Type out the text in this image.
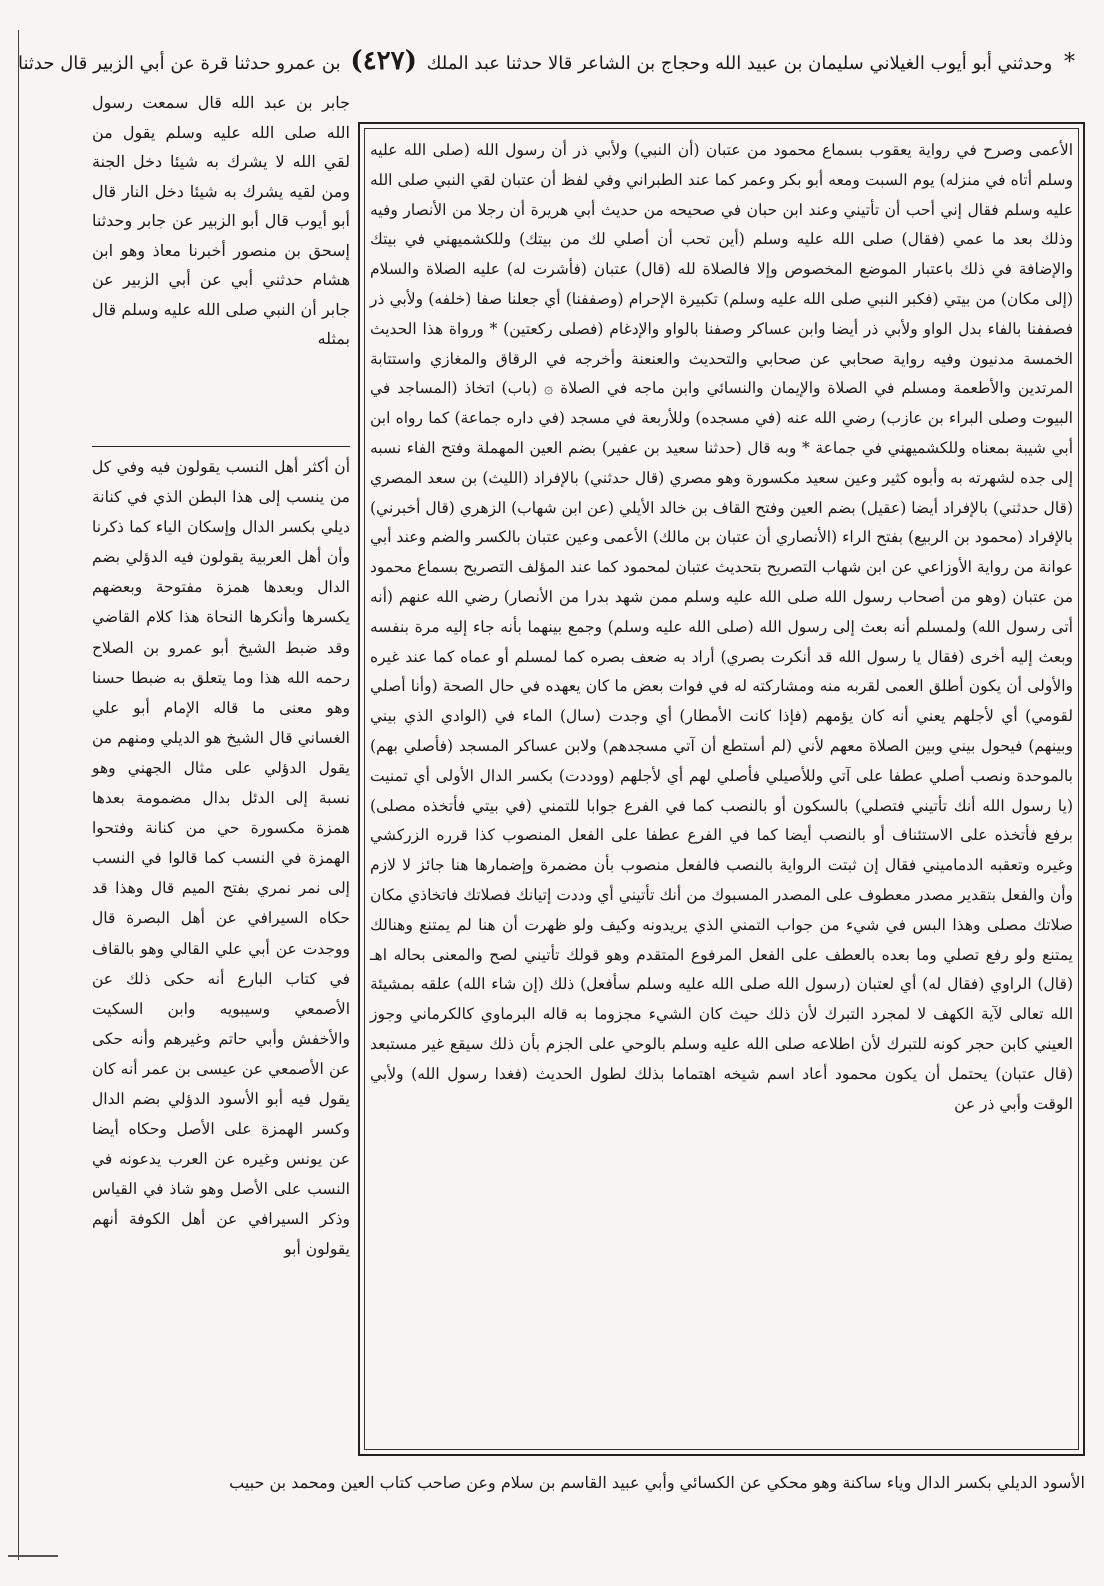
* وحدثني أبو أيوب الغيلاني سليمان بن عبيد الله وحجاج بن الشاعر قالا حدثنا عبد الملك (٤٢٧) بن عمرو حدثنا قرة عن أبي الزبير قال حدثنا

جابر بن عبد الله قال سمعت رسول الله صلى الله عليه وسلم يقول من لقي الله لا يشرك به شيئا دخل الجنة ومن لقيه يشرك به شيئا دخل النار قال أبو أيوب قال أبو الزبير عن جابر وحدثنا إسحق بن منصور أخبرنا معاذ وهو ابن هشام حدثني أبي عن أبي الزبير عن جابر أن النبي صلى الله عليه وسلم قال بمثله

أن أكثر أهل النسب يقولون فيه وفي كل من ينسب إلى هذا البطن الذي في كنانة ديلي بكسر الدال وإسكان الياء كما ذكرنا وأن أهل العربية يقولون فيه الدؤلي بضم الدال وبعدها همزة مفتوحة وبعضهم يكسرها وأنكرها النحاة هذا كلام القاضي وقد ضبط الشيخ أبو عمرو بن الصلاح رحمه الله هذا وما يتعلق به ضبطا حسنا وهو معنى ما قاله الإمام أبو علي الغساني قال الشيخ هو الديلي ومنهم من يقول الدؤلي على مثال الجهني وهو نسبة إلى الدئل بدال مضمومة بعدها همزة مكسورة حي من كنانة وفتحوا الهمزة في النسب كما قالوا في النسب إلى نمر نمري بفتح الميم قال وهذا قد حكاه السيرافي عن أهل البصرة قال ووجدت عن أبي علي القالي وهو بالقاف في كتاب البارع أنه حكى ذلك عن الأصمعي وسيبويه وابن السكيت والأخفش وأبي حاتم وغيرهم وأنه حكى عن الأصمعي عن عيسى بن عمر أنه كان يقول فيه أبو الأسود الدؤلي بضم الدال وكسر الهمزة على الأصل وحكاه أيضا عن يونس وغيره عن العرب يدعونه في النسب على الأصل وهو شاذ في القياس وذكر السيرافي عن أهل الكوفة أنهم يقولون أبو

الأعمى وصرح في رواية يعقوب بسماع محمود من عتبان (أن النبي) ولأبي ذر أن رسول الله (صلى الله عليه وسلم أتاه في منزله) يوم السبت ومعه أبو بكر وعمر كما عند الطبراني وفي لفظ أن عتبان لقي النبي صلى الله عليه وسلم فقال إني أحب أن تأتيني وعند ابن حبان في صحيحه من حديث أبي هريرة أن رجلا من الأنصار وفيه وذلك بعد ما عمي (فقال) صلى الله عليه وسلم (أين تحب أن أصلي لك من بيتك) وللكشميهني في بيتك والإضافة في ذلك باعتبار الموضع المخصوص وإلا فالصلاة لله (قال) عتبان (فأشرت له) عليه الصلاة والسلام (إلى مكان) من بيتي (فكبر النبي صلى الله عليه وسلم) تكبيرة الإحرام (وصففنا) أي جعلنا صفا (خلفه) ولأبي ذر فصففنا بالفاء بدل الواو ولأبي ذر أيضا وابن عساكر وصفنا بالواو والإدغام (فصلى ركعتين) * ورواة هذا الحديث الخمسة مدنيون وفيه رواية صحابي عن صحابي والتحديث والعنعنة وأخرجه في الرقاق والمغازي واستتابة المرتدين والأطعمة ومسلم في الصلاة والإيمان والنسائي وابن ماجه في الصلاة ۞ (باب) اتخاذ (المساجد في البيوت وصلى البراء بن عازب) رضي الله عنه (في مسجده) وللأربعة في مسجد (في داره جماعة) كما رواه ابن أبي شيبة بمعناه وللكشميهني في جماعة * وبه قال (حدثنا سعيد بن عفير) بضم العين المهملة وفتح الفاء نسبه إلى جده لشهرته به وأبوه كثير وعين سعيد مكسورة وهو مصري (قال حدثني) بالإفراد (الليث) بن سعد المصري (قال حدثني) بالإفراد أيضا (عقيل) بضم العين وفتح القاف بن خالد الأيلي (عن ابن شهاب) الزهري (قال أخبرني) بالإفراد (محمود بن الربيع) بفتح الراء (الأنصاري أن عتبان بن مالك) الأعمى وعين عتبان بالكسر والضم وعند أبي عوانة من رواية الأوزاعي عن ابن شهاب التصريح بتحديث عتبان لمحمود كما عند المؤلف التصريح بسماع محمود من عتبان (وهو من أصحاب رسول الله صلى الله عليه وسلم ممن شهد بدرا من الأنصار) رضي الله عنهم (أنه أتى رسول الله) ولمسلم أنه بعث إلى رسول الله (صلى الله عليه وسلم) وجمع بينهما بأنه جاء إليه مرة بنفسه وبعث إليه أخرى (فقال يا رسول الله قد أنكرت بصري) أراد به ضعف بصره كما لمسلم أو عماه كما عند غيره والأولى أن يكون أطلق العمى لقربه منه ومشاركته له في فوات بعض ما كان يعهده في حال الصحة (وأنا أصلي لقومي) أي لأجلهم يعني أنه كان يؤمهم (فإذا كانت الأمطار) أي وجدت (سال) الماء في (الوادي الذي بيني وبينهم) فيحول بيني وبين الصلاة معهم لأني (لم أستطع أن آتي مسجدهم) ولابن عساكر المسجد (فأصلي بهم) بالموحدة ونصب أصلي عطفا على آتي وللأصيلي فأصلي لهم أي لأجلهم (ووددت) بكسر الدال الأولى أي تمنيت (يا رسول الله أنك تأتيني فتصلي) بالسكون أو بالنصب كما في الفرع جوابا للتمني (في بيتي فأتخذه مصلى) برفع فأتخذه على الاستئناف أو بالنصب أيضا كما في الفرع عطفا على الفعل المنصوب كذا قرره الزركشي وغيره وتعقبه الدماميني فقال إن ثبتت الرواية بالنصب فالفعل منصوب بأن مضمرة وإضمارها هنا جائز لا لازم وأن والفعل بتقدير مصدر معطوف على المصدر المسبوك من أنك تأتيني أي وددت إتيانك فصلاتك فاتخاذي مكان صلاتك مصلى وهذا البس في شيء من جواب التمني الذي يريدونه وكيف ولو ظهرت أن هنا لم يمتنع وهنالك يمتنع ولو رفع تصلي وما بعده بالعطف على الفعل المرفوع المتقدم وهو قولك تأتيني لصح والمعنى بحاله اهـ (قال) الراوي (فقال له) أي لعتبان (رسول الله صلى الله عليه وسلم سأفعل) ذلك (إن شاء الله) علقه بمشيئة الله تعالى لآية الكهف لا لمجرد التبرك لأن ذلك حيث كان الشيء مجزوما به قاله البرماوي كالكرماني وجوز العيني كابن حجر كونه للتبرك لأن اطلاعه صلى الله عليه وسلم بالوحي على الجزم بأن ذلك سيقع غير مستبعد (قال عتبان) يحتمل أن يكون محمود أعاد اسم شيخه اهتماما بذلك لطول الحديث (فغدا رسول الله) ولأبي الوقت وأبي ذر عن

الأسود الديلي بكسر الدال وياء ساكنة وهو محكي عن الكسائي وأبي عبيد القاسم بن سلام وعن صاحب كتاب العين ومحمد بن حبيب
